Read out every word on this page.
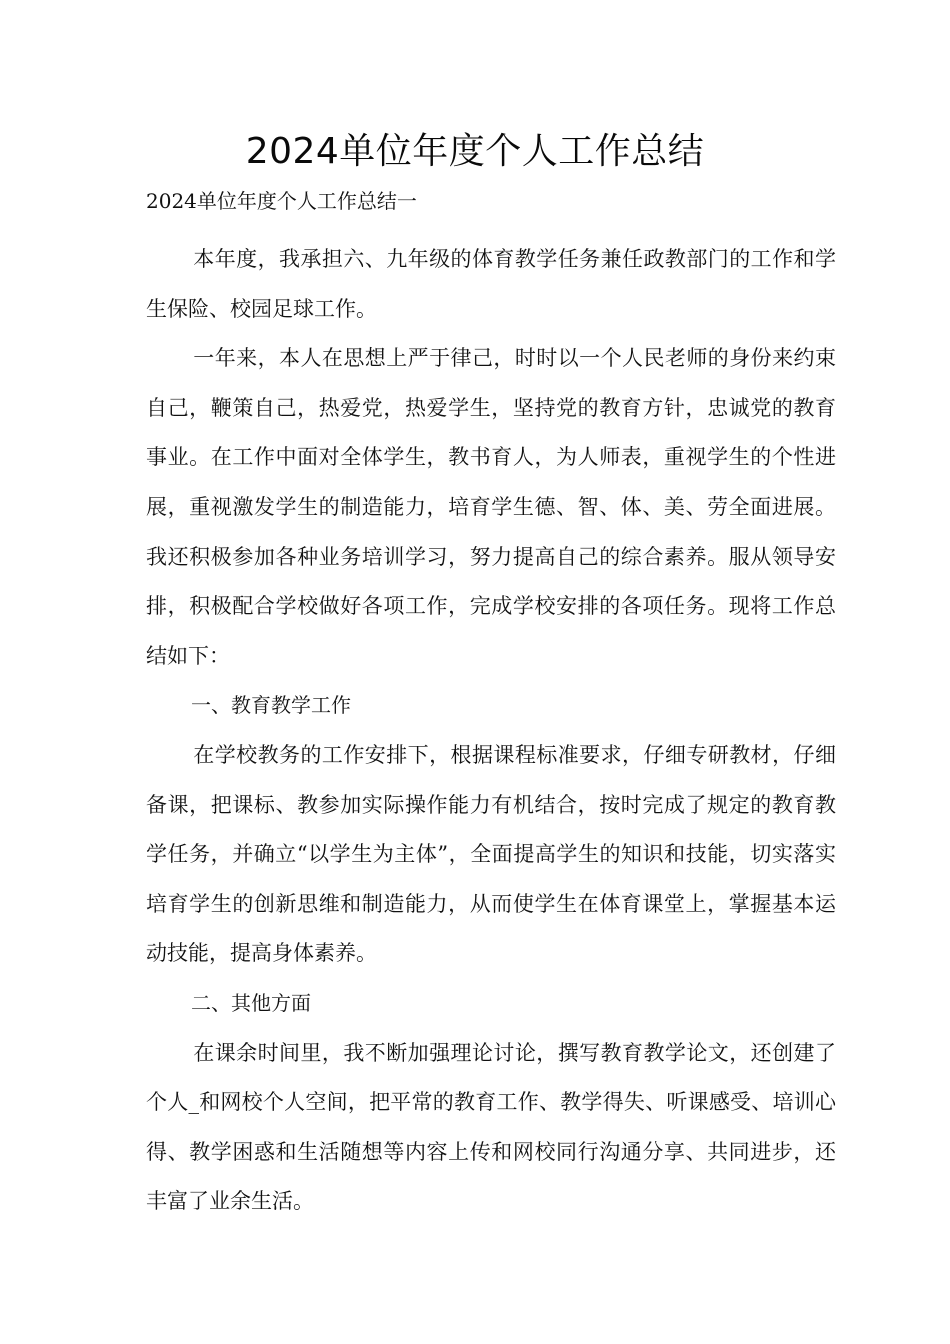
2024单位年度个人工作总结
2024单位年度个人工作总结一

本年度，我承担六、九年级的体育教学任务兼任政教部门的工作和学生保险、校园足球工作。

一年来，本人在思想上严于律己，时时以一个人民老师的身份来约束自己，鞭策自己，热爱党，热爱学生，坚持党的教育方针，忠诚党的教育事业。在工作中面对全体学生，教书育人，为人师表，重视学生的个性进展，重视激发学生的制造能力，培育学生德、智、体、美、劳全面进展。我还积极参加各种业务培训学习，努力提高自己的综合素养。服从领导安排，积极配合学校做好各项工作，完成学校安排的各项任务。现将工作总结如下：

一、教育教学工作

在学校教务的工作安排下，根据课程标准要求，仔细专研教材，仔细备课，把课标、教参加实际操作能力有机结合，按时完成了规定的教育教学任务，并确立“以学生为主体”，全面提高学生的知识和技能，切实落实培育学生的创新思维和制造能力，从而使学生在体育课堂上，掌握基本运动技能，提高身体素养。

二、其他方面

在课余时间里，我不断加强理论讨论，撰写教育教学论文，还创建了个人_和网校个人空间，把平常的教育工作、教学得失、听课感受、培训心得、教学困惑和生活随想等内容上传和网校同行沟通分享、共同进步，还丰富了业余生活。
